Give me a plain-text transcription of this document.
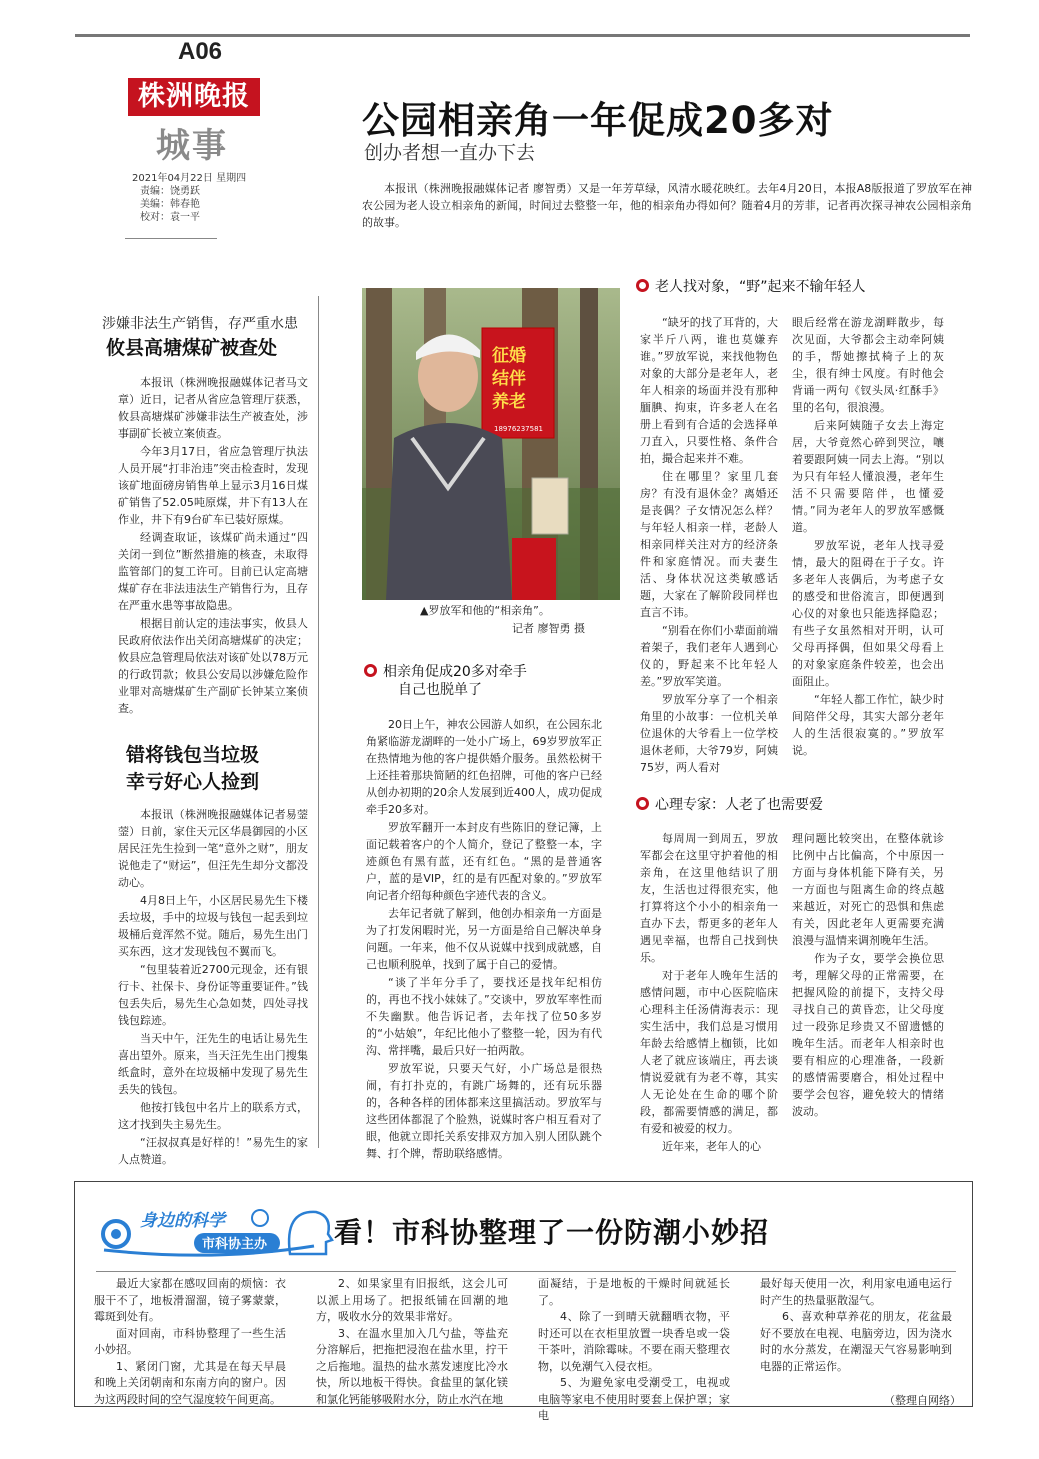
A06
株洲晚报
城事
2021年04月22日 星期四
责编：饶勇跃
美编：韩春艳
校对：袁一平
公园相亲角一年促成20多对
创办者想一直办下去
本报讯（株洲晚报融媒体记者 廖智勇）又是一年芳草绿，风清水暖花映红。去年4月20日，本报A8版报道了罗放军在神农公园为老人设立相亲角的新闻，时间过去整整一年，他的相亲角办得如何？随着4月的芳菲，记者再次探寻神农公园相亲角的故事。
征婚
结伴
养老
18976237581
▲罗放军和他的“相亲角”。
记者 廖智勇 摄
相亲角促成20多对牵手
自己也脱单了

20日上午，神农公园游人如织，在公园东北角紧临游龙湖畔的一处小广场上，69岁罗放军正在热情地为他的客户提供婚介服务。虽然松树干上还挂着那块简陋的红色招牌，可他的客户已经从创办初期的20余人发展到近400人，成功促成牵手20多对。

罗放军翻开一本封皮有些陈旧的登记簿，上面记载着客户的个人简介，登记了整整一本，字迹颜色有黑有蓝，还有红色。“黑的是普通客户，蓝的是VIP，红的是有匹配对象的。”罗放军向记者介绍每种颜色字迹代表的含义。

去年记者就了解到，他创办相亲角一方面是为了打发闲暇时光，另一方面是给自己解决单身问题。一年来，他不仅从说媒中找到成就感，自己也顺利脱单，找到了属于自己的爱情。

“谈了半年分手了，要找还是找年纪相仿的，再也不找小妹妹了。”交谈中，罗放军率性而不失幽默。他告诉记者，去年找了位50多岁的“小姑娘”，年纪比他小了整整一轮，因为有代沟、常拌嘴，最后只好一拍两散。

罗放军说，只要天气好，小广场总是很热闹，有打扑克的，有跳广场舞的，还有玩乐器的，各种各样的团体都来这里搞活动。罗放军与这些团体都混了个脸熟，说媒时客户相互看对了眼，他就立即托关系安排双方加入别人团队跳个舞、打个牌，帮助联络感情。

老人找对象，“野”起来不输年轻人

“缺牙的找了耳背的，大家半斤八两，谁也莫嫌弃谁。”罗放军说，来找他物色对象的大部分是老年人，老年人相亲的场面并没有那种腼腆、拘束，许多老人在名册上看到有合适的会选择单刀直入，只要性格、条件合拍，撮合起来并不难。

住在哪里？家里几套房？有没有退休金？离婚还是丧偶？子女情况怎么样？与年轻人相亲一样，老龄人相亲同样关注对方的经济条件和家庭情况。而夫妻生活、身体状况这类敏感话题，大家在了解阶段同样也直言不讳。

“别看在你们小辈面前端着架子，我们老年人遇到心仪的，野起来不比年轻人差。”罗放军笑道。

罗放军分享了一个相亲角里的小故事：一位机关单位退休的大爷看上一位学校退休老师，大爷79岁，阿姨75岁，两人看对

眼后经常在游龙湖畔散步，每次见面，大爷都会主动牵阿姨的手，帮她擦拭椅子上的灰尘，很有绅士风度。有时他会背诵一两句《钗头凤·红酥手》里的名句，很浪漫。

后来阿姨随子女去上海定居，大爷竟然心碎到哭泣，嚷着要跟阿姨一同去上海。“别以为只有年轻人懂浪漫，老年生活不只需要陪伴，也懂爱情。”同为老年人的罗放军感慨道。

罗放军说，老年人找寻爱情，最大的阻碍在于子女。许多老年人丧偶后，为考虑子女的感受和世俗流言，即便遇到心仪的对象也只能选择隐忍；有些子女虽然相对开明，认可父母再择偶，但如果父母看上的对象家庭条件较差，也会出面阻止。

“年轻人都工作忙，缺少时间陪伴父母，其实大部分老年人的生活很寂寞的。”罗放军说。

心理专家：人老了也需要爱

每周周一到周五，罗放军都会在这里守护着他的相亲角，在这里他结识了朋友，生活也过得很充实，他打算将这个小小的相亲角一直办下去，帮更多的老年人遇见幸福，也帮自己找到快乐。

对于老年人晚年生活的感情问题，市中心医院临床心理科主任汤倩海表示：现实生活中，我们总是习惯用年龄去给感情上枷锁，比如人老了就应该端庄，再去谈情说爱就有为老不尊，其实人无论处在生命的哪个阶段，都需要情感的满足，都有爱和被爱的权力。

近年来，老年人的心

理问题比较突出，在整体就诊比例中占比偏高，个中原因一方面与身体机能下降有关，另一方面也与阻离生命的终点越来越近，对死亡的恐惧和焦虑有关，因此老年人更需要充满浪漫与温情来调剂晚年生活。

作为子女，要学会换位思考，理解父母的正常需要，在把握风险的前提下，支持父母寻找自己的黄昏恋，让父母度过一段弥足珍贵又不留遗憾的晚年生活。而老年人相亲时也要有相应的心理准备，一段新的感情需要磨合，相处过程中要学会包容，避免较大的情绪波动。

涉嫌非法生产销售，存严重水患
攸县高塘煤矿被查处

本报讯（株洲晚报融媒体记者马文章）近日，记者从省应急管理厅获悉，攸县高塘煤矿涉嫌非法生产被查处，涉事副矿长被立案侦查。

今年3月17日，省应急管理厅执法人员开展“打非治违”突击检查时，发现该矿地面磅房销售单上显示3月16日煤矿销售了52.05吨原煤，井下有13人在作业，井下有9台矿车已装好原煤。

经调查取证，该煤矿尚未通过“四关闭一到位”断然措施的核查，未取得监管部门的复工许可。目前已认定高塘煤矿存在非法违法生产销售行为，且存在严重水患等事故隐患。

根据目前认定的违法事实，攸县人民政府依法作出关闭高塘煤矿的决定；攸县应急管理局依法对该矿处以78万元的行政罚款；攸县公安局以涉嫌危险作业罪对高塘煤矿生产副矿长钟某立案侦查。

错将钱包当垃圾
幸亏好心人捡到

本报讯（株洲晚报融媒体记者易蓥蓥）日前，家住天元区华晨御园的小区居民汪先生捡到一笔“意外之财”，朋友说他走了“财运”，但汪先生却分文都没动心。

4月8日上午，小区居民易先生下楼丢垃圾，手中的垃圾与钱包一起丢到垃圾桶后竟浑然不觉。随后，易先生出门买东西，这才发现钱包不翼而飞。

“包里装着近2700元现金，还有银行卡、社保卡、身份证等重要证件。”钱包丢失后，易先生心急如焚，四处寻找钱包踪迹。

当天中午，汪先生的电话让易先生喜出望外。原来，当天汪先生出门搜集纸盒时，意外在垃圾桶中发现了易先生丢失的钱包。

他按打钱包中名片上的联系方式，这才找到失主易先生。

“汪叔叔真是好样的！”易先生的家人点赞道。

身边的科学
市科协主办 看！市科协整理了一份防潮小妙招

最近大家都在感叹回南的烦恼：衣服干不了，地板滑溜溜，镜子雾蒙蒙，霉斑到处有。

面对回南，市科协整理了一些生活小妙招。

1、紧闭门窗，尤其是在每天早晨和晚上关闭朝南和东南方向的窗户。因为这两段时间的空气湿度较午间更高。

2、如果家里有旧报纸，这会儿可以派上用场了。把报纸铺在回潮的地方，吸收水分的效果非常好。

3、在温水里加入几勺盐，等盐充分溶解后，把拖把浸泡在盐水里，拧干之后拖地。温热的盐水蒸发速度比冷水快，所以地板干得快。食盐里的氯化镁和氯化钙能够吸附水分，防止水汽在地

面凝结，于是地板的干燥时间就延长了。

4、除了一到晴天就翻晒衣物，平时还可以在衣柜里放置一块香皂或一袋干茶叶，消除霉味。不要在雨天整理衣物，以免潮气入侵衣柜。

5、为避免家电受潮受工，电视或电脑等家电不使用时要套上保护罩；家电

最好每天使用一次，利用家电通电运行时产生的热量驱散湿气。

6、喜欢种草养花的朋友，花盆最好不要放在电视、电脑旁边，因为浇水时的水分蒸发，在潮湿天气容易影响到电器的正常运作。

（整理自网络）
